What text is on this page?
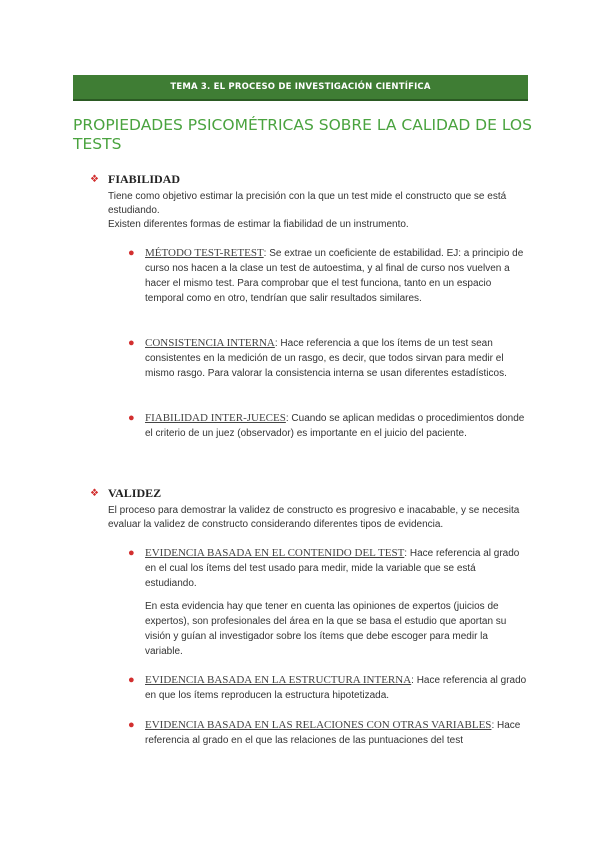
TEMA 3. EL PROCESO DE INVESTIGACIÓN CIENTÍFICA
PROPIEDADES PSICOMÉTRICAS SOBRE LA CALIDAD DE LOS TESTS
❖ FIABILIDAD

Tiene como objetivo estimar la precisión con la que un test mide el constructo que se está estudiando.

Existen diferentes formas de estimar la fiabilidad de un instrumento.

● MÉTODO TEST-RETEST: Se extrae un coeficiente de estabilidad. EJ: a principio de curso nos hacen a la clase un test de autoestima, y al final de curso nos vuelven a hacer el mismo test. Para comprobar que el test funciona, tanto en un espacio temporal como en otro, tendrían que salir resultados similares.

● CONSISTENCIA INTERNA: Hace referencia a que los ítems de un test sean consistentes en la medición de un rasgo, es decir, que todos sirvan para medir el mismo rasgo. Para valorar la consistencia interna se usan diferentes estadísticos.

● FIABILIDAD INTER-JUECES: Cuando se aplican medidas o procedimientos donde el criterio de un juez (observador) es importante en el juicio del paciente.

❖ VALIDEZ

El proceso para demostrar la validez de constructo es progresivo e inacabable, y se necesita evaluar la validez de constructo considerando diferentes tipos de evidencia.

● EVIDENCIA BASADA EN EL CONTENIDO DEL TEST: Hace referencia al grado en el cual los ítems del test usado para medir, mide la variable que se está estudiando.

En esta evidencia hay que tener en cuenta las opiniones de expertos (juicios de expertos), son profesionales del área en la que se basa el estudio que aportan su visión y guían al investigador sobre los ítems que debe escoger para medir la variable.

● EVIDENCIA BASADA EN LA ESTRUCTURA INTERNA: Hace referencia al grado en que los ítems reproducen la estructura hipotetizada.

● EVIDENCIA BASADA EN LAS RELACIONES CON OTRAS VARIABLES: Hace referencia al grado en el que las relaciones de las puntuaciones del test
